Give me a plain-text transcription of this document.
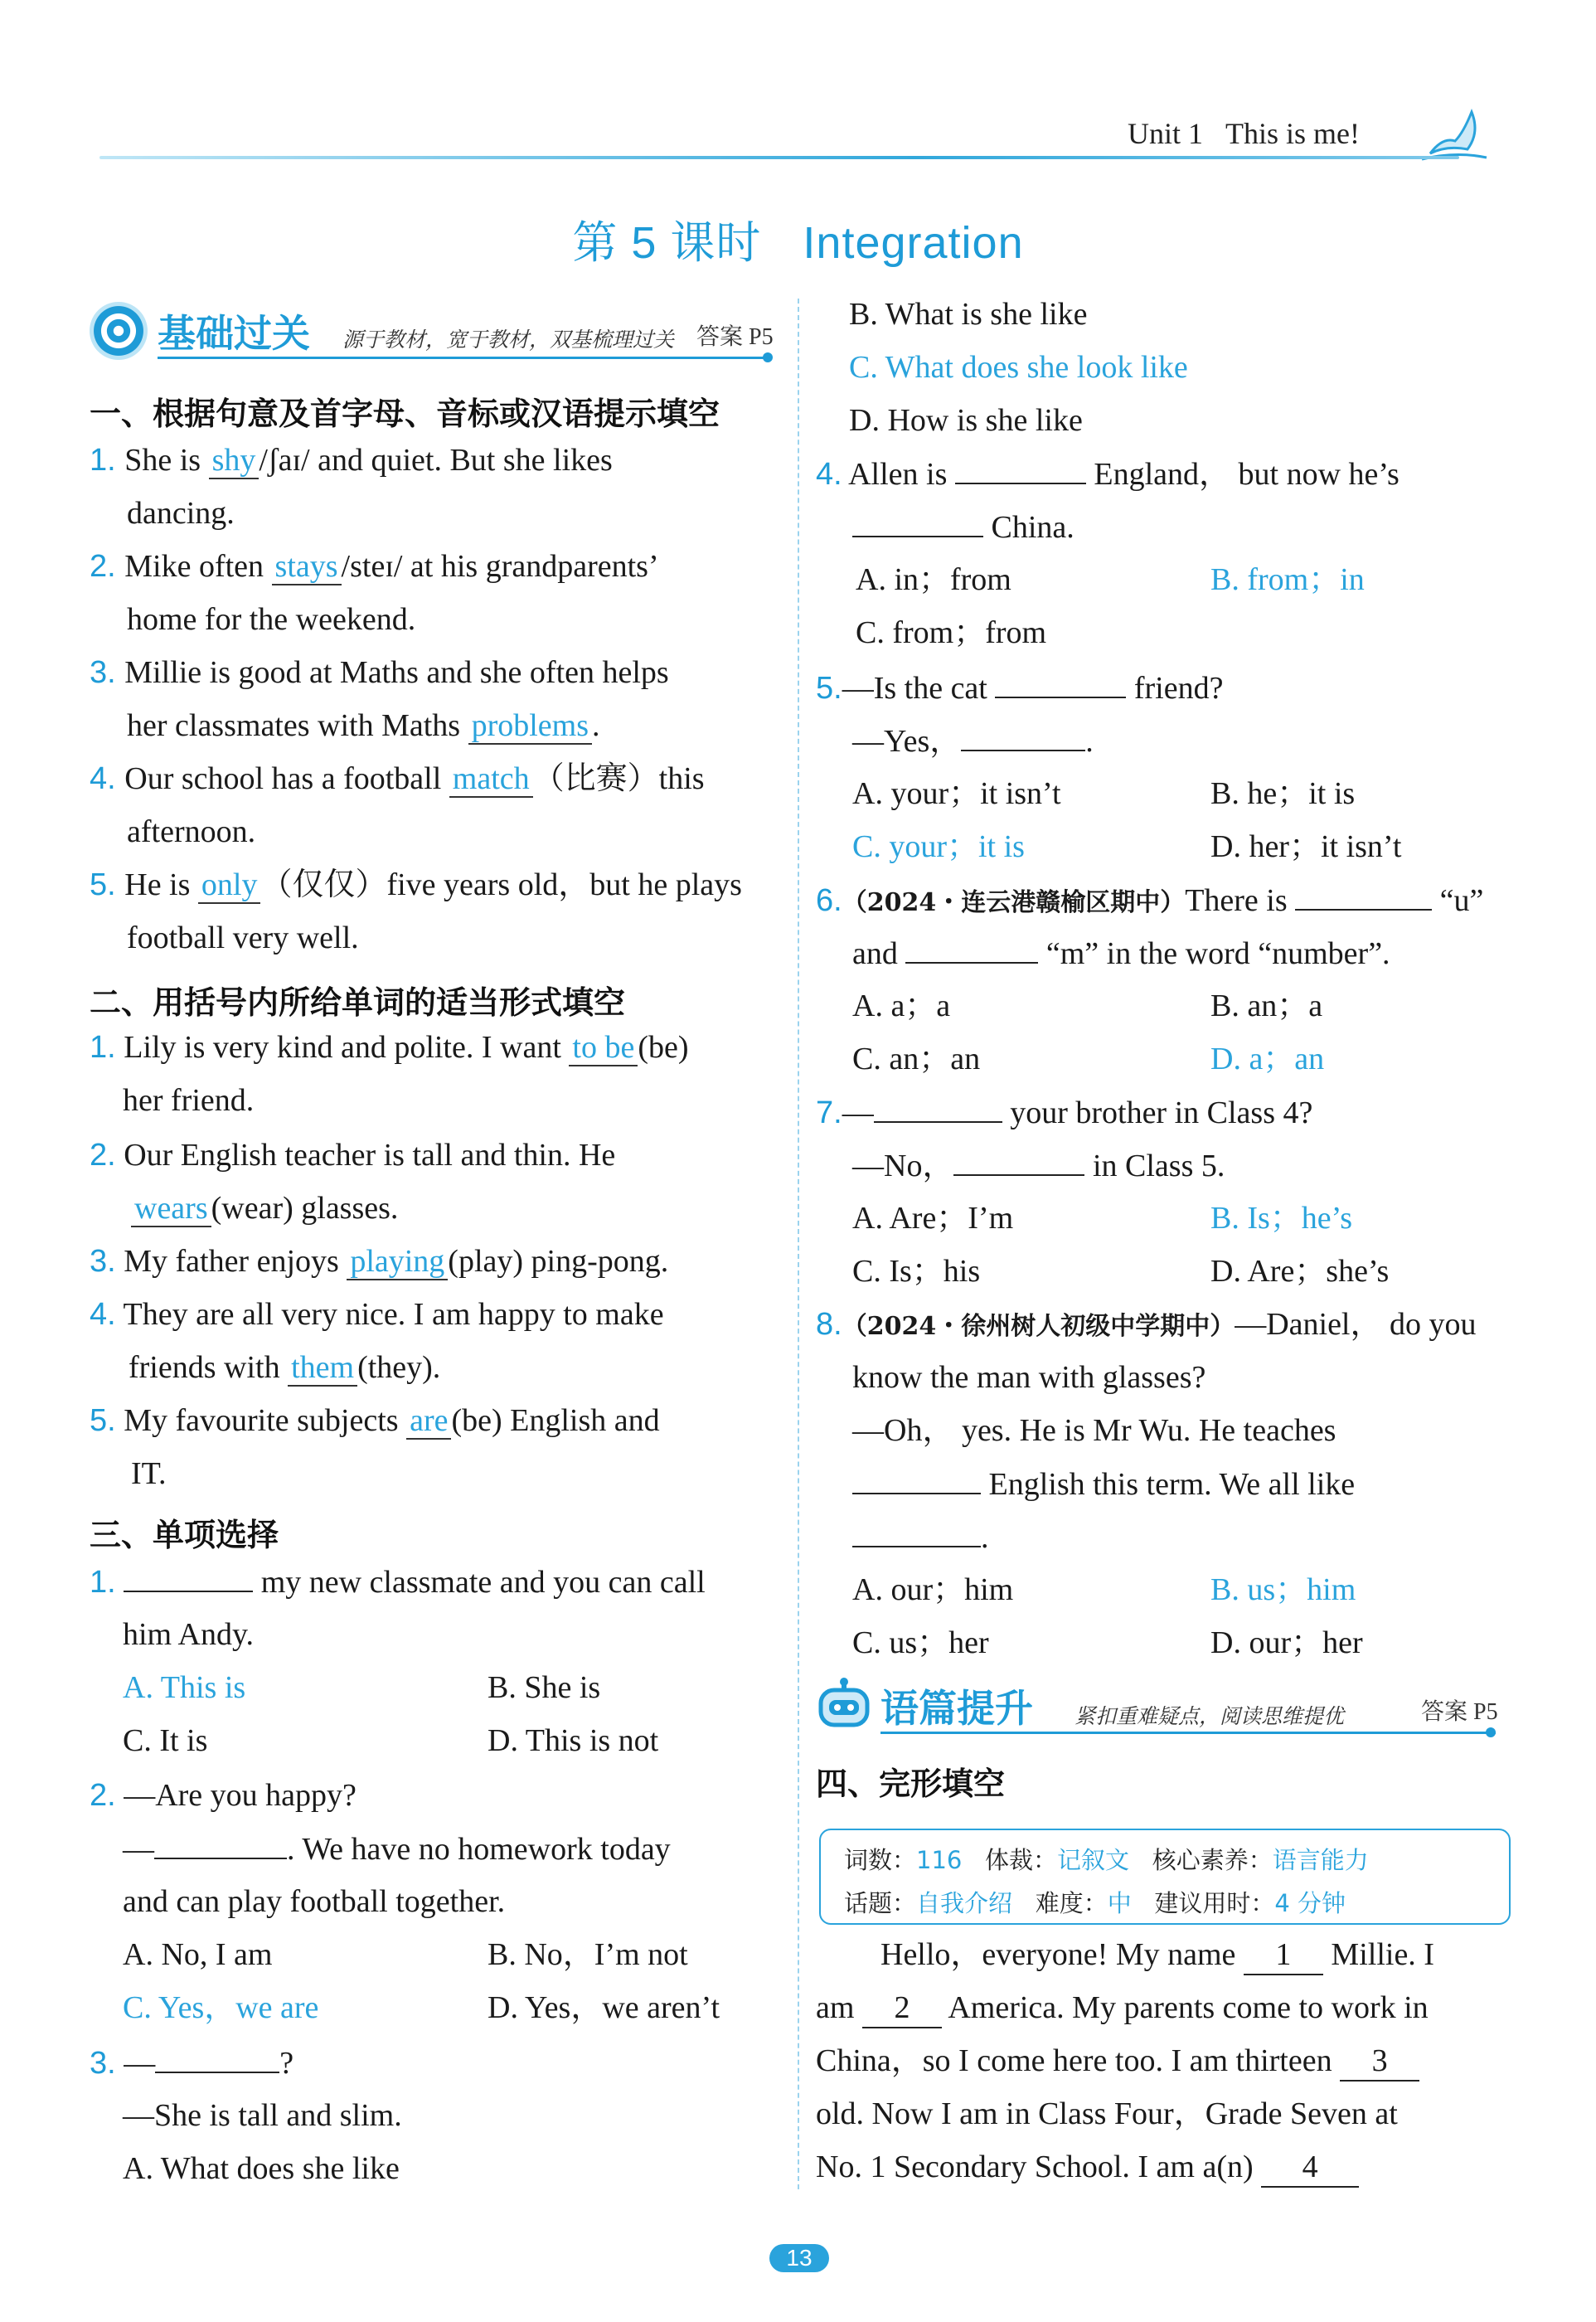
Unit 1 This is me!
第 5 课时 Integration
基础过关 源于教材，宽于教材，双基梳理过关 答案 P5
一、根据句意及首字母、音标或汉语提示填空
1. She is shy /ʃaɪ/ and quiet. But she likes
dancing.
2. Mike often stays /steɪ/ at his grandparents’
home for the weekend.
3. Millie is good at Maths and she often helps
her classmates with Maths problems .
4. Our school has a football match （比赛）this
afternoon.
5. He is only （仅仅）five years old，but he plays
football very well.
二、用括号内所给单词的适当形式填空
1. Lily is very kind and polite. I want to be (be)
her friend.
2. Our English teacher is tall and thin. He
wears (wear) glasses.
3. My father enjoys playing (play) ping-pong.
4. They are all very nice. I am happy to make
friends with them (they).
5. My favourite subjects are (be) English and
IT.
三、单项选择
1.	my new classmate and you can call
him Andy.
A. This is	B. She is
C. It is	D. This is not
2. —Are you happy?
—	. We have no homework today
and can play football together.
A. No, I am	B. No，I’m not
C. Yes，we are	D. Yes，we aren’t
3. —	?
—She is tall and slim.
A. What does she like
B. What is she like
C. What does she look like
D. How is she like
4. Allen is	England， but now he’s
China.
A. in；from	B. from；in
C. from；from
5.—Is the cat	friend?
—Yes，	.
A. your；it isn’t	B. he；it is
C. your；it is	D. her；it isn’t
6.（2024・连云港赣榆区期中）There is	“u”
and	“m” in the word “number”.
A. a；a	B. an；a
C. an；an	D. a；an
7.—	your brother in Class 4?
—No，	in Class 5.
A. Are；I’m	B. Is；he’s
C. Is；his	D. Are；she’s
8.（2024・徐州树人初级中学期中）—Daniel， do you
know the man with glasses?
—Oh， yes. He is Mr Wu. He teaches
English this term. We all like
.
A. our；him	B. us；him
C. us；her	D. our；her
语篇提升 紧扣重难疑点，阅读思维提优	答案 P5
四、完形填空
词数：116 体裁：记叙文 核心素养：语言能力
话题：自我介绍 难度：中 建议用时：4 分钟
Hello，everyone! My name 1 Millie. I
am 2 America. My parents come to work in
China，so I come here too. I am thirteen 3
old. Now I am in Class Four，Grade Seven at
No. 1 Secondary School. I am a(n) 4
13
